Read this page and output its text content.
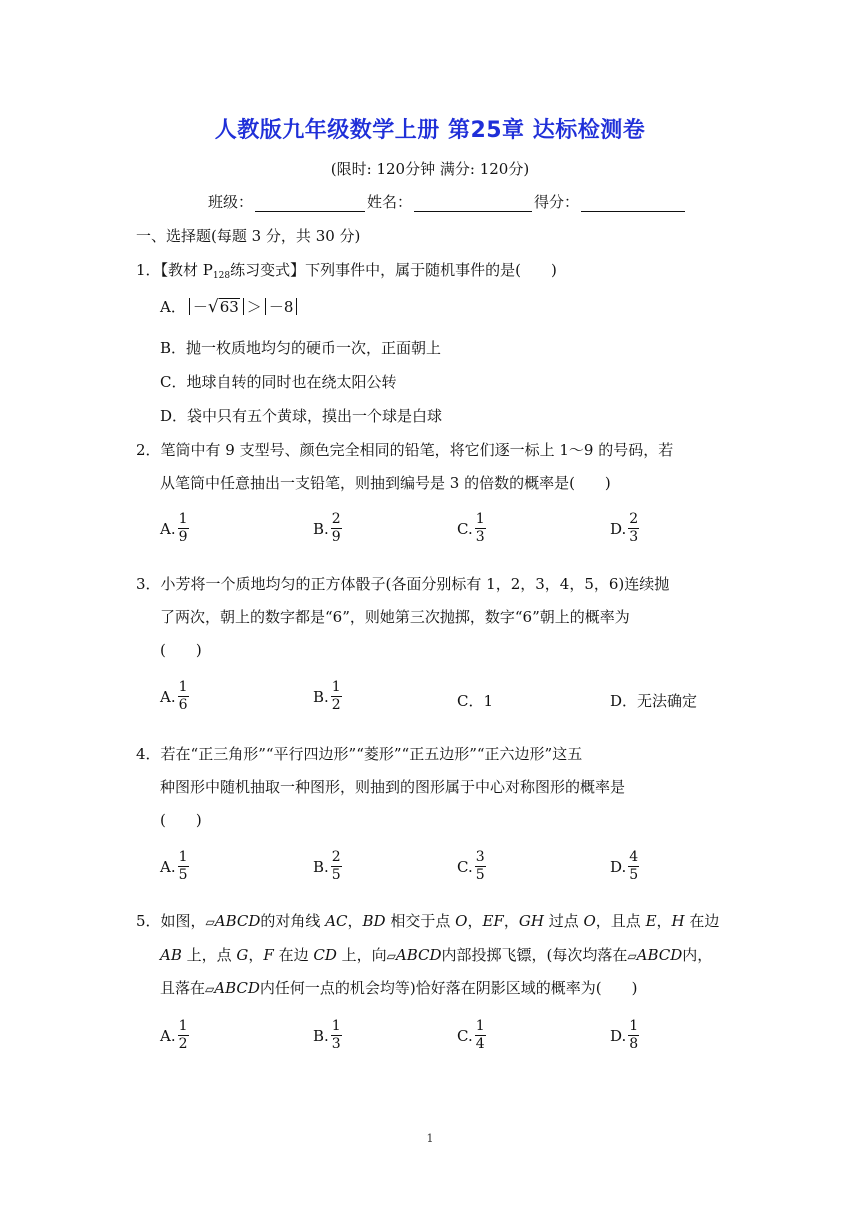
人教版九年级数学上册 第25章 达标检测卷
(限时: 120分钟 满分: 120分)
班级：	姓名：	得分：
一、选择题(每题 3 分，共 30 分)
1．【教材 $P_{128}$练习变式】下列事件中，属于随机事件的是(　　)
A． － √ 63 ＞ －8
B．抛一枚质地均匀的硬币一次，正面朝上
C．地球自转的同时也在绕太阳公转
D．袋中只有五个黄球，摸出一个球是白球
2．笔筒中有 9 支型号、颜色完全相同的铅笔，将它们逐一标上 1～9 的号码，若
从笔筒中任意抽出一支铅笔，则抽到编号是 3 的倍数的概率是(　　)
A. $\frac{1}{9}$	B. $\frac{2}{9}$	C. $\frac{1}{3}$	D. $\frac{2}{3}$
3．小芳将一个质地均匀的正方体骰子(各面分别标有 1，2，3，4，5，6)连续抛
了两次，朝上的数字都是“6”，则她第三次抛掷，数字“6”朝上的概率为
(　　)
A. $\frac{1}{6}$	B. $\frac{1}{2}$	C．1	D．无法确定
4．若在“正三角形”“平行四边形”“菱形”“正五边形”“正六边形”这五
种图形中随机抽取一种图形，则抽到的图形属于中心对称图形的概率是
(　　)
A. $\frac{1}{5}$	B. $\frac{2}{5}$	C. $\frac{3}{5}$	D. $\frac{4}{5}$
5．如图，▱ABCD的对角线 AC，BD 相交于点 O，EF，GH 过点 O，且点 E，H 在边
AB 上，点 G，F 在边 CD 上，向▱ABCD内部投掷飞镖，(每次均落在▱ABCD内，
且落在▱ABCD内任何一点的机会均等)恰好落在阴影区域的概率为(　　)
A. $\frac{1}{2}$	B. $\frac{1}{3}$	C. $\frac{1}{4}$	D. $\frac{1}{8}$
1
